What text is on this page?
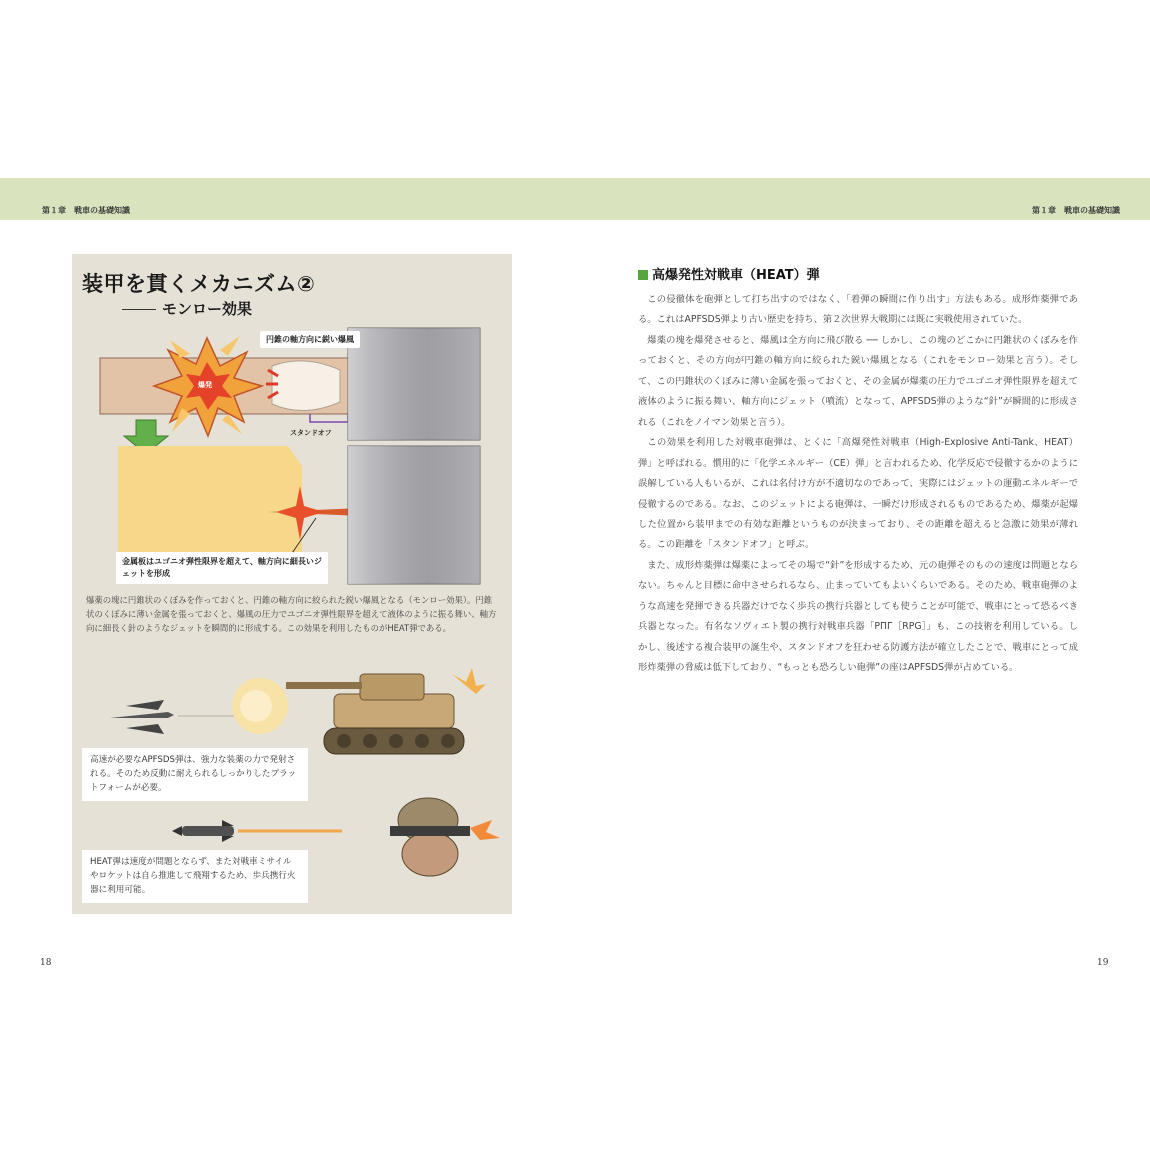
第１章　戦車の基礎知識	第１章　戦車の基礎知識
装甲を貫くメカニズム②
モンロー効果
円錐の軸方向に鋭い爆風
爆発
スタンドオフ
金属板はユゴニオ弾性限界を超えて、軸方向に細長いジェットを形成
爆薬の塊に円錐状のくぼみを作っておくと、円錐の軸方向に絞られた鋭い爆風となる（モンロー効果）。円錐状のくぼみに薄い金属を張っておくと、爆風の圧力でユゴニオ弾性限界を超えて液体のように振る舞い、軸方向に細長く針のようなジェットを瞬間的に形成する。この効果を利用したものがHEAT弾である。
高速が必要なAPFSDS弾は、強力な装薬の力で発射される。そのため反動に耐えられるしっかりしたプラットフォームが必要。
HEAT弾は速度が問題とならず、また対戦車ミサイルやロケットは自ら推進して飛翔するため、歩兵携行火器に利用可能。
高爆発性対戦車（HEAT）弾

この侵徹体を砲弾として打ち出すのではなく、「着弾の瞬間に作り出す」方法もある。成形炸薬弾である。これはAPFSDS弾より古い歴史を持ち、第２次世界大戦期には既に実戦使用されていた。

爆薬の塊を爆発させると、爆風は全方向に飛び散る ── しかし、この塊のどこかに円錐状のくぼみを作っておくと、その方向が円錐の軸方向に絞られた鋭い爆風となる（これをモンロー効果と言う）。そして、この円錐状のくぼみに薄い金属を張っておくと、その金属が爆薬の圧力でユゴニオ弾性限界を超えて液体のように振る舞い、軸方向にジェット（噴流）となって、APFSDS弾のような“針”が瞬間的に形成される（これをノイマン効果と言う）。

この効果を利用した対戦車砲弾は、とくに「高爆発性対戦車（High-Explosive Anti-Tank、HEAT）弾」と呼ばれる。慣用的に「化学エネルギー（CE）弾」と言われるため、化学反応で侵徹するかのように誤解している人もいるが、これは名付け方が不適切なのであって、実際にはジェットの運動エネルギーで侵徹するのである。なお、このジェットによる砲弾は、一瞬だけ形成されるものであるため、爆薬が起爆した位置から装甲までの有効な距離というものが決まっており、その距離を超えると急激に効果が薄れる。この距離を「スタンドオフ」と呼ぶ。

また、成形炸薬弾は爆薬によってその場で“針”を形成するため、元の砲弾そのものの速度は問題とならない。ちゃんと目標に命中させられるなら、止まっていてもよいくらいである。そのため、戦車砲弾のような高速を発揮できる兵器だけでなく歩兵の携行兵器としても使うことが可能で、戦車にとって恐るべき兵器となった。有名なソヴィエト製の携行対戦車兵器「РПГ［RPG］」も、この技術を利用している。しかし、後述する複合装甲の誕生や、スタンドオフを狂わせる防護方法が確立したことで、戦車にとって成形炸薬弾の脅威は低下しており、“もっとも恐ろしい砲弾”の座はAPFSDS弾が占めている。

18	19
